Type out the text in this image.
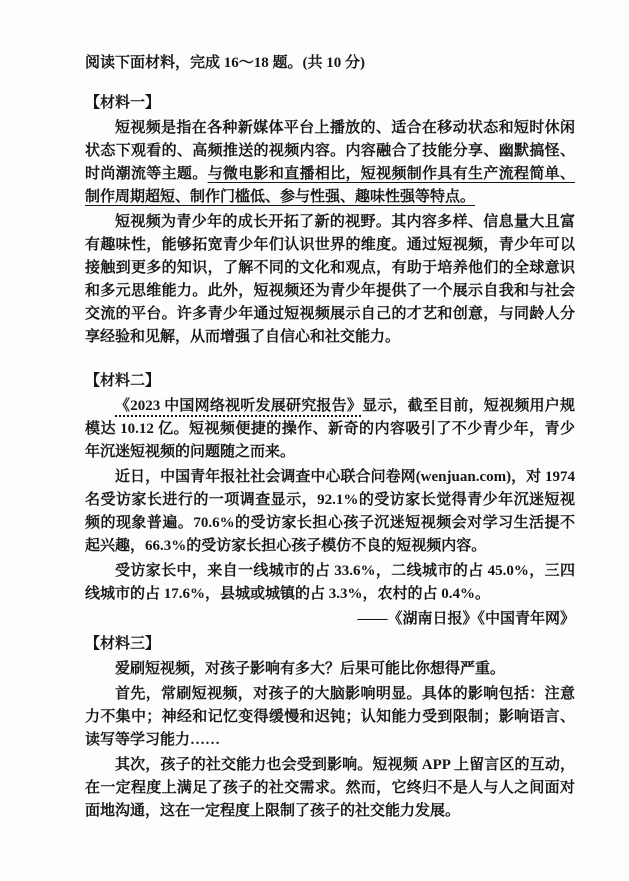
阅读下面材料，完成 16～18 题。(共 10 分)

【材料一】

短视频是指在各种新媒体平台上播放的、适合在移动状态和短时休闲状态下观看的、高频推送的视频内容。内容融合了技能分享、幽默搞怪、时尚潮流等主题。与微电影和直播相比，短视频制作具有生产流程简单、制作周期超短、制作门槛低、参与性强、趣味性强等特点。

短视频为青少年的成长开拓了新的视野。其内容多样、信息量大且富有趣味性，能够拓宽青少年们认识世界的维度。通过短视频，青少年可以接触到更多的知识，了解不同的文化和观点，有助于培养他们的全球意识和多元思维能力。此外，短视频还为青少年提供了一个展示自我和与社会交流的平台。许多青少年通过短视频展示自己的才艺和创意，与同龄人分享经验和见解，从而增强了自信心和社交能力。

【材料二】

《2023 中国网络视听发展研究报告》显示，截至目前，短视频用户规模达 10.12 亿。短视频便捷的操作、新奇的内容吸引了不少青少年，青少年沉迷短视频的问题随之而来。

近日，中国青年报社社会调查中心联合问卷网(wenjuan.com)，对 1974 名受访家长进行的一项调查显示，92.1%的受访家长觉得青少年沉迷短视频的现象普遍。70.6%的受访家长担心孩子沉迷短视频会对学习生活提不起兴趣，66.3%的受访家长担心孩子模仿不良的短视频内容。

受访家长中，来自一线城市的占 33.6%，二线城市的占 45.0%，三四线城市的占 17.6%，县城或城镇的占 3.3%，农村的占 0.4%。

——《湖南日报》《中国青年网》

【材料三】

爱刷短视频，对孩子影响有多大？后果可能比你想得严重。

首先，常刷短视频，对孩子的大脑影响明显。具体的影响包括：注意力不集中；神经和记忆变得缓慢和迟钝；认知能力受到限制；影响语言、读写等学习能力……

其次，孩子的社交能力也会受到影响。短视频 APP 上留言区的互动，在一定程度上满足了孩子的社交需求。然而，它终归不是人与人之间面对面地沟通，这在一定程度上限制了孩子的社交能力发展。
